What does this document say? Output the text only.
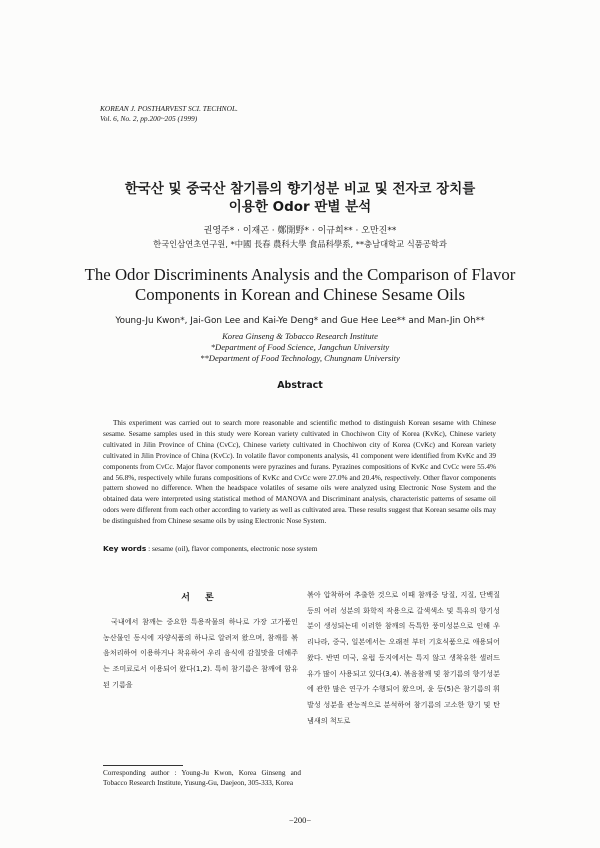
KOREAN J. POSTHARVEST SCI. TECHNOL.
Vol. 6, No. 2, pp.200~205 (1999)
한국산 및 중국산 참기름의 향기성분 비교 및 전자코 장치를
이용한 Odor 판별 분석
권영주* · 이재곤 · 鄭開野* · 이규희** · 오만진**
한국인삼연초연구원, *中國 長春 農科大學 食品科學系, **충남대학교 식품공학과
The Odor Discriminents Analysis and the Comparison of Flavor
Components in Korean and Chinese Sesame Oils
Young-Ju Kwon*, Jai-Gon Lee and Kai-Ye Deng* and Gue Hee Lee** and Man-Jin Oh**
Korea Ginseng & Tobacco Research Institute
*Department of Food Science, Jangchun University
**Department of Food Technology, Chungnam University
Abstract
This experiment was carried out to search more reasonable and scientific method to distinguish Korean sesame with Chinese sesame. Sesame samples used in this study were Korean variety cultivated in Chochiwon City of Korea (KvKc), Chinese variety cultivated in Jilin Province of China (CvCc), Chinese variety cultivated in Chochiwon city of Korea (CvKc) and Korean variety cultivated in Jilin Province of China (KvCc). In volatile flavor components analysis, 41 component were identified from KvKc and 39 components from CvCc. Major flavor components were pyrazines and furans. Pyrazines compositions of KvKc and CvCc were 55.4% and 56.8%, respectively while furans compositions of KvKc and CvCc were 27.0% and 20.4%, respectively. Other flavor components pattern showed no difference. When the headspace volatiles of sesame oils were analyzed using Electronic Nose System and the obtained data were interpreted using statistical method of MANOVA and Discriminant analysis, characteristic patterns of sesame oil odors were different from each other according to variety as well as cultivated area. These results suggest that Korean sesame oils may be distinguished from Chinese sesame oils by using Electronic Nose System.
Key words : sesame (oil), flavor components, electronic nose system
서 론
국내에서 참깨는 중요한 특용작물의 하나로 가장 고가품인 농산물인 동시에 자양식품의 하나로 알려져 왔으며, 참깨를 볶음처리하여 이용하거나 착유하여 우리 음식에 감칠맛을 더해주는 조미료로서 이용되어 왔다(1,2). 특히 참기름은 참깨에 함유된 기름을
볶아 압착하여 추출한 것으로 이때 참깨중 당질, 지질, 단백질등의 여러 성분의 화학적 작용으로 갈색색소 및 특유의 향기성분이 생성되는데 이러한 참깨의 독특한 풍미성분으로 인해 우리나라, 중국, 일본에서는 오래전 부터 기호식품으로 애용되어 왔다. 반면 미국, 유럽 등지에서는 특지 않고 생착유한 샐러드유가 많이 사용되고 있다(3,4). 볶음참깨 및 참기름의 향기성분에 관한 많은 연구가 수행되어 왔으며, 윤 등(5)은 참기름의 휘발성 성분을 관능적으로 분석하여 참기름의 고소한 향기 및 탄 냄새의 척도로
Corresponding author : Young-Ju Kwon, Korea Ginseng and Tobacco Research Institute, Yusung-Gu, Daejeon, 305-333, Korea
−200−
